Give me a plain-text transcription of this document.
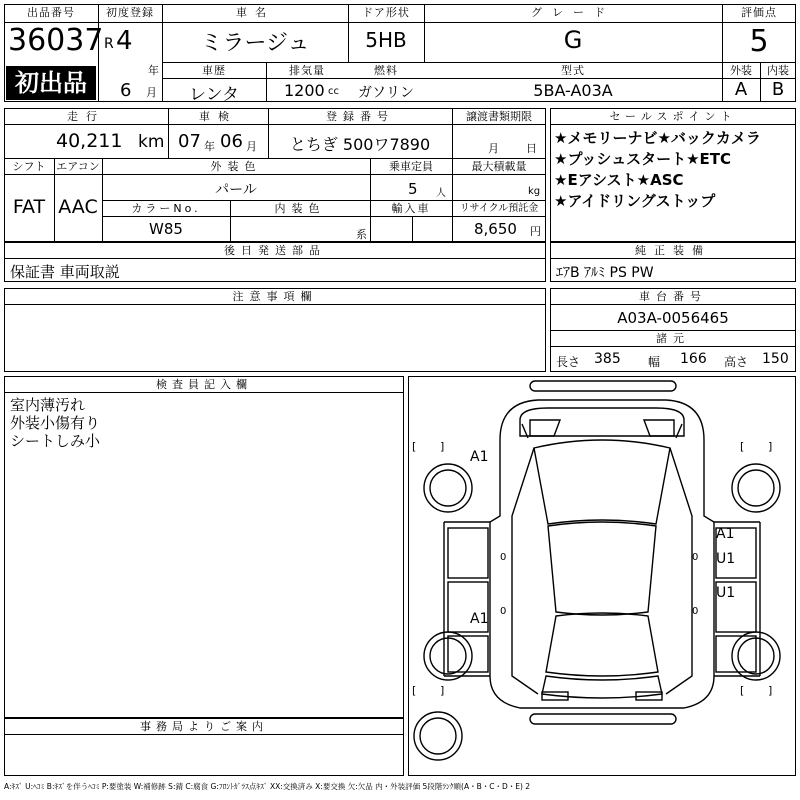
出品番号
36037
初出品
初度登録
R 4
年
6 月
車名
ミラージュ
ドア形状
5HB
グレード
G
評価点
5
車歴
レンタ
排気量
1200 cc
燃料
ガソリン
型式
5BA-A03A
外装	内装
A	B
走行
40,211 km
車検
07 年 06 月
登録番号
とちぎ 500ワ7890
譲渡書類期限
月 日
シフト
FAT
エアコン
AAC
外装色
パール
乗車定員
5 人
最大積載量
kg
カラーNo.
W85
内装色
系
輸入車	リサイクル預託金
8,650 円
セールスポイント
★メモリーナビ★バックカメラ
★プッシュスタート★ETC
★Eアシスト★ASC
★アイドリングストップ
後日発送部品
保証書 車両取説
純正装備
ｴｱB ｱﾙﾐ PS PW
注意事項欄	車台番号
A03A-0056465
諸元
長さ 385 幅 166 高さ 150
検査員記入欄
室内薄汚れ
外装小傷有り
シートしみ小
事務局よりご案内
[ ]	[ ]
[ ]	[ ]
A1
A1
U1
U1
A1
0
0
0
0
A:ｷｽﾞ U:ﾍｺﾐ B:ｷｽﾞを伴うﾍｺﾐ P:要塗装 W:補修跡 S:錆 C:腐食 G:ﾌﾛﾝﾄｶﾞﾗｽ点ｷｽﾞ XX:交換済み X:要交換 欠:欠品 内・外装評価 5段階ﾗﾝｸ順(A・B・C・D・E) 2
